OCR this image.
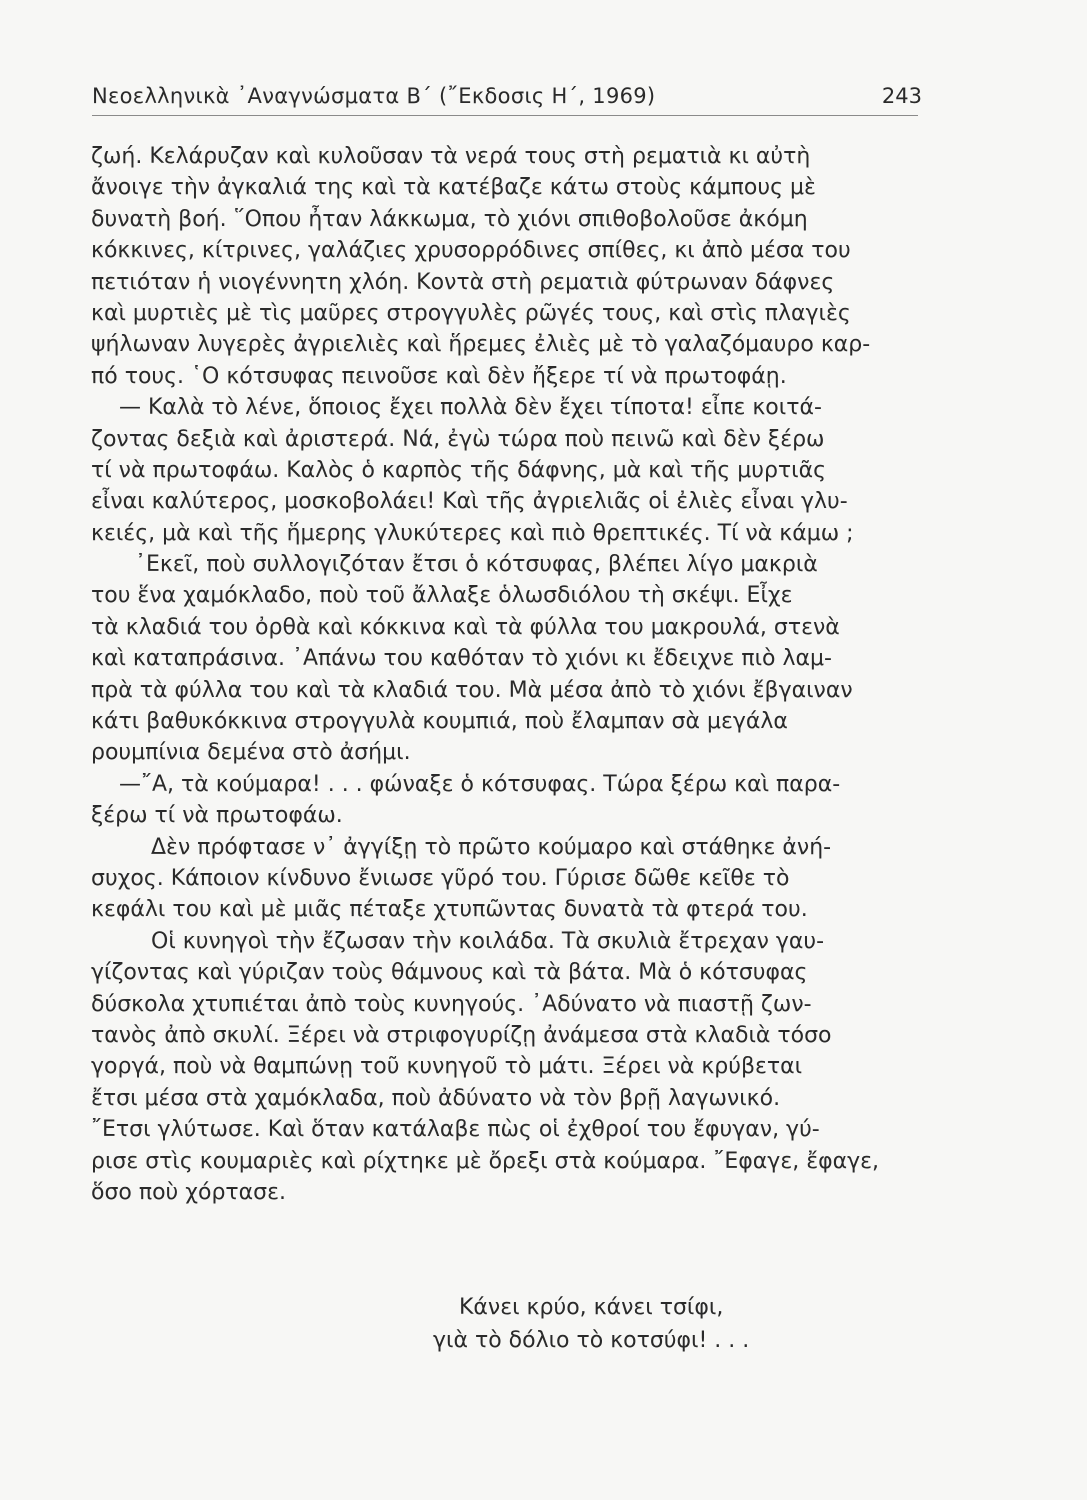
Νεοελληνικὰ ᾿Αναγνώσματα Β΄ (῎Εκδοσις Η΄, 1969)	243
ζωή. Κελάρυζαν καὶ κυλοῦσαν τὰ νερά τους στὴ ρεματιὰ κι αὐτὴ
ἄνοιγε τὴν ἀγκαλιά της καὶ τὰ κατέβαζε κάτω στοὺς κάμπους μὲ
δυνατὴ βοή. ῞Οπου ἦταν λάκκωμα, τὸ χιόνι σπιθοβολοῦσε ἀκόμη
κόκκινες, κίτρινες, γαλάζιες χρυσορρόδινες σπίθες, κι ἀπὸ μέσα του
πετιόταν ἡ νιογέννητη χλόη. Κοντὰ στὴ ρεματιὰ φύτρωναν δάφνες
καὶ μυρτιὲς μὲ τὶς μαῦρες στρογγυλὲς ρῶγές τους, καὶ στὶς πλαγιὲς
ψήλωναν λυγερὲς ἀγριελιὲς καὶ ἥρεμες ἐλιὲς μὲ τὸ γαλαζόμαυρο καρ-
πό τους. ῾Ο κότσυφας πεινοῦσε καὶ δὲν ἤξερε τί νὰ πρωτοφάῃ.
— Καλὰ τὸ λένε, ὅποιος ἔχει πολλὰ δὲν ἔχει τίποτα! εἶπε κοιτά-
ζοντας δεξιὰ καὶ ἀριστερά. Νά, ἐγὼ τώρα ποὺ πεινῶ καὶ δὲν ξέρω
τί νὰ πρωτοφάω. Καλὸς ὁ καρπὸς τῆς δάφνης, μὰ καὶ τῆς μυρτιᾶς
εἶναι καλύτερος, μοσκοβολάει! Καὶ τῆς ἀγριελιᾶς οἱ ἐλιὲς εἶναι γλυ-
κειές, μὰ καὶ τῆς ἥμερης γλυκύτερες καὶ πιὸ θρεπτικές. Τί νὰ κάμω ;
᾿Εκεῖ, ποὺ συλλογιζόταν ἔτσι ὁ κότσυφας, βλέπει λίγο μακριὰ
του ἕνα χαμόκλαδο, ποὺ τοῦ ἄλλαξε ὁλωσδιόλου τὴ σκέψι. Εἶχε
τὰ κλαδιά του ὀρθὰ καὶ κόκκινα καὶ τὰ φύλλα του μακρουλά, στενὰ
καὶ καταπράσινα. ᾿Απάνω του καθόταν τὸ χιόνι κι ἔδειχνε πιὸ λαμ-
πρὰ τὰ φύλλα του καὶ τὰ κλαδιά του. Μὰ μέσα ἀπὸ τὸ χιόνι ἔβγαιναν
κάτι βαθυκόκκινα στρογγυλὰ κουμπιά, ποὺ ἔλαμπαν σὰ μεγάλα
ρουμπίνια δεμένα στὸ ἀσήμι.
—῎Α, τὰ κούμαρα! . . . φώναξε ὁ κότσυφας. Τώρα ξέρω καὶ παρα-
ξέρω τί νὰ πρωτοφάω.
Δὲν πρόφτασε ν᾿ ἀγγίξῃ τὸ πρῶτο κούμαρο καὶ στάθηκε ἀνή-
συχος. Κάποιον κίνδυνο ἔνιωσε γῦρό του. Γύρισε δῶθε κεῖθε τὸ
κεφάλι του καὶ μὲ μιᾶς πέταξε χτυπῶντας δυνατὰ τὰ φτερά του.
Οἱ κυνηγοὶ τὴν ἔζωσαν τὴν κοιλάδα. Τὰ σκυλιὰ ἔτρεχαν γαυ-
γίζοντας καὶ γύριζαν τοὺς θάμνους καὶ τὰ βάτα. Μὰ ὁ κότσυφας
δύσκολα χτυπιέται ἀπὸ τοὺς κυνηγούς. ᾿Αδύνατο νὰ πιαστῇ ζων-
τανὸς ἀπὸ σκυλί. Ξέρει νὰ στριφογυρίζῃ ἀνάμεσα στὰ κλαδιὰ τόσο
γοργά, ποὺ νὰ θαμπώνῃ τοῦ κυνηγοῦ τὸ μάτι. Ξέρει νὰ κρύβεται
ἔτσι μέσα στὰ χαμόκλαδα, ποὺ ἀδύνατο νὰ τὸν βρῇ λαγωνικό.
῎Ετσι γλύτωσε. Καὶ ὅταν κατάλαβε πὼς οἱ ἐχθροί του ἔφυγαν, γύ-
ρισε στὶς κουμαριὲς καὶ ρίχτηκε μὲ ὄρεξι στὰ κούμαρα. ῎Εφαγε, ἔφαγε,
ὅσο ποὺ χόρτασε.
Κάνει κρύο, κάνει τσίφι,
γιὰ τὸ δόλιο τὸ κοτσύφι! . . .
